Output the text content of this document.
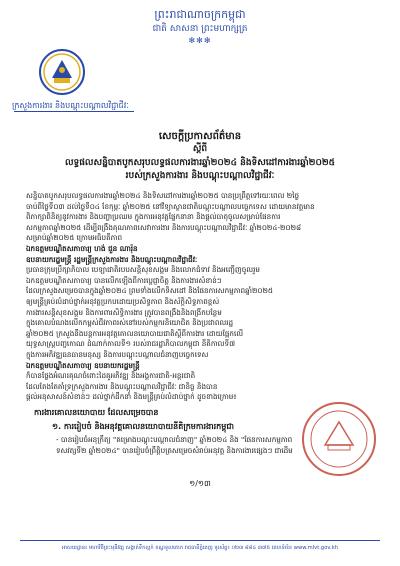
ព្រះរាជាណាចក្រកម្ពុជា
ជាតិ សាសនា ព្រះមហាក្សត្រ
✻✻✻
ក្រសួងការងារ និងបណ្តុះបណ្តាលវិជ្ជាជីវៈ
សេចក្តីប្រកាសព័ត៌មាន
ស្តីពី
លទ្ធផលសន្និបាតបូកសរុបលទ្ធផលការងារឆ្នាំ២០២៤ និងទិសដៅការងារឆ្នាំ២០២៥
របស់ក្រសួងការងារ និងបណ្តុះបណ្តាលវិជ្ជាជីវៈ
សន្និបាតបូកសរុបលទ្ធផលការងារឆ្នាំ២០២៤ និងទិសដៅការងារឆ្នាំ២០២៥ បានប្រព្រឹត្តទៅរយៈពេល ២ថ្ងៃ
ចាប់ពីថ្ងៃទី០៣ ដល់ថ្ងៃទី០៤ ខែកុម្ភៈ ឆ្នាំ២០២៥ នៅវិទ្យាស្ថានជាតិបណ្តុះបណ្តាលបច្ចេកទេស ដោយមានវត្តមាន
ពិភាក្សាពិនិត្យនូវការងារ និងបញ្ហាប្រឈម ក្នុងការអនុវត្តផ្នែកនានា និងផ្តល់ធាតុចូលសម្រាប់ផែនការ
សកម្មភាពឆ្នាំ២០២៥ ដើម្បីពង្រឹងគុណភាពសេវាការងារ និងការបណ្តុះបណ្តាលវិជ្ជាជីវៈ ឆ្នាំ២០២៤-២០២៨
សម្រាប់ឆ្នាំ២០២៥ ក្រោមអធិបតីភាព
ឯកឧត្តមបណ្ឌិតសភាចារ្យ ហង់ ជួន ណារ៉ុន
ឧបនាយករដ្ឋមន្ត្រី រដ្ឋមន្ត្រីក្រសួងការងារ និងបណ្តុះបណ្តាលវិជ្ជាជីវៈ
ប្រធានក្រុមប្រឹក្សាភិបាល បេឡាជាតិរបបសន្តិសុខសង្គម និងលោកជំទាវ និងអញ្ជើញចូលរួម
ឯកឧត្តមបណ្ឌិតសភាចារ្យ បានលើកឡើងពីការប្តេជ្ញាចិត្ត និងការងារសំខាន់ៗ
ដែលក្រសួងសម្រេចបានក្នុងឆ្នាំ២០២៤ ព្រមទាំងលើកទិសដៅ និងផែនការសកម្មភាពឆ្នាំ២០២៥
ឲ្យមន្ត្រីគ្រប់លំដាប់ថ្នាក់អនុវត្តប្រកបដោយប្រសិទ្ធភាព និងស័ក្តិសិទ្ធភាពខ្ពស់
ការងារសន្តិសុខសង្គម និងការពារសិទ្ធិការងារ ត្រូវបានពង្រឹងនិងពង្រីកបន្ថែម
ក្នុងគោលបំណងលើកកម្ពស់ជីវភាពរស់នៅរបស់កម្មករនិយោជិត និងប្រជាពលរដ្ឋ
ឆ្នាំ២០២៥ ក្រសួងនឹងបន្តការអនុវត្តគោលនយោបាយជាតិស្តីពីការងារ ដោយផ្អែកលើ
យុទ្ធសាស្ត្របញ្ចកោណ ដំណាក់កាលទី១ របស់រាជរដ្ឋាភិបាលកម្ពុជា នីតិកាលទី៧
ក្នុងការអភិវឌ្ឍធនធានមនុស្ស និងការបណ្តុះបណ្តាលជំនាញបច្ចេកទេស
ឯកឧត្តមបណ្ឌិតសភាចារ្យ ឧបនាយករដ្ឋមន្ត្រី
ក៏បានថ្លែងអំណរគុណចំពោះដៃគូអភិវឌ្ឍ និងអង្គការជាតិ-អន្តរជាតិ
ដែលតែងតែគាំទ្រក្រសួងការងារ និងបណ្តុះបណ្តាលវិជ្ជាជីវៈ ជានិច្ច និងបាន
ផ្តល់អនុសាសន៍សំខាន់ៗ ដល់ថ្នាក់ដឹកនាំ និងមន្ត្រីគ្រប់លំដាប់ថ្នាក់ ដូចខាងក្រោម៖
ការងារគោលនយោបាយ ដែលសម្រេចបាន
១. ការរៀបចំ និងអនុវត្តគោលនយោបាយនីតិក្រមការងារកម្ពុជា
- បានរៀបចំអនុក្រឹត្យ "គម្រោងបណ្តុះបណ្តាលជំនាញ" ឆ្នាំ២០២៤ និង "ផែនការសកម្មភាព
ទសវត្សទី២ ឆ្នាំ២០២៤" បានរៀបចំព្រឹត្តិបត្រសម្រេចសំរាប់អនុវត្ត និងការងារផ្សេងៗ ជាដើម
១/១៣
អាសយដ្ឋាន៖ មហាវិថីព្រះមុនីវង្ស សង្កាត់ទឹកល្អក់ ខណ្ឌទួលគោក រាជធានីភ្នំពេញ ទូរស័ព្ទ៖ ០២៣ ៨៨៤ ៣៧៥ គេហទំព័រ៖ www.mlvt.gov.kh
